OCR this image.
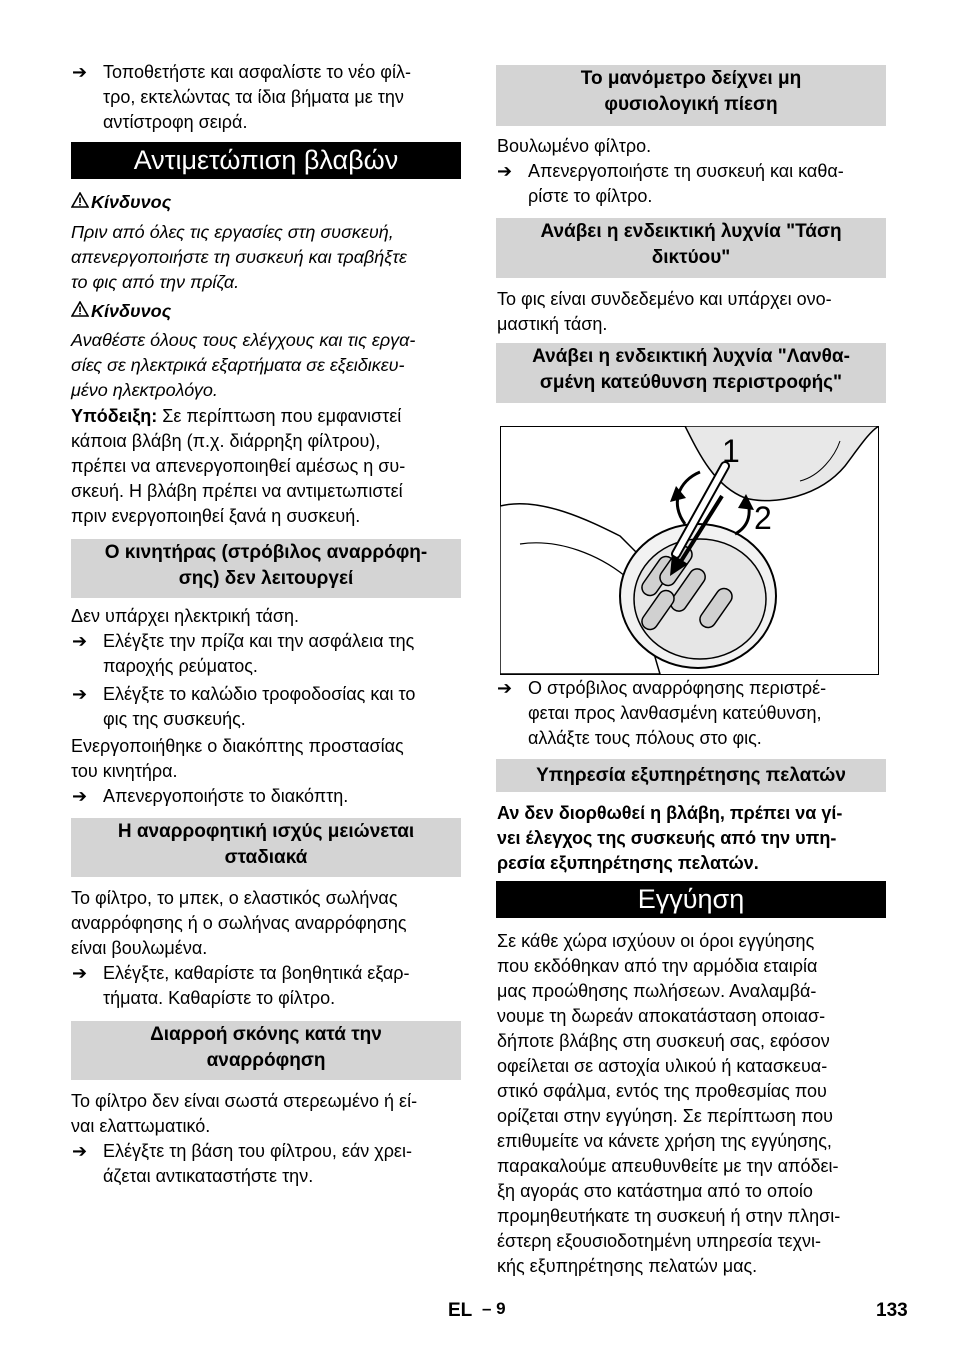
➔ Τοποθετήστε και ασφαλίστε το νέο φίλ-
τρο, εκτελώντας τα ίδια βήματα με την
αντίστροφη σειρά.
Αντιμετώπιση βλαβών
Κίνδυνος
Πριν από όλες τις εργασίες στη συσκευή,
απενεργοποιήστε τη συσκευή και τραβήξτε
το φις από την πρίζα.
Κίνδυνος
Αναθέστε όλους τους ελέγχους και τις εργα-
σίες σε ηλεκτρικά εξαρτήματα σε εξειδικευ-
μένο ηλεκτρολόγο.
Υπόδειξη: Σε περίπτωση που εμφανιστεί
κάποια βλάβη (π.χ. διάρρηξη φίλτρου),
πρέπει να απενεργοποιηθεί αμέσως η συ-
σκευή. Η βλάβη πρέπει να αντιμετωπιστεί
πριν ενεργοποιηθεί ξανά η συσκευή.
Ο κινητήρας (στρόβιλος αναρρόφη-
σης) δεν λειτουργεί
Δεν υπάρχει ηλεκτρική τάση.
➔ Ελέγξτε την πρίζα και την ασφάλεια της
παροχής ρεύματος.
➔ Ελέγξτε το καλώδιο τροφοδοσίας και το
φις της συσκευής.
Ενεργοποιήθηκε ο διακόπτης προστασίας
του κινητήρα.
➔ Απενεργοποιήστε το διακόπτη.
Η αναρροφητική ισχύς μειώνεται
σταδιακά
Το φίλτρο, το μπεκ, ο ελαστικός σωλήνας
αναρρόφησης ή ο σωλήνας αναρρόφησης
είναι βουλωμένα.
➔ Ελέγξτε, καθαρίστε τα βοηθητικά εξαρ-
τήματα. Καθαρίστε το φίλτρο.
Διαρροή σκόνης κατά την
αναρρόφηση
Το φίλτρο δεν είναι σωστά στερεωμένο ή εί-
ναι ελαττωματικό.
➔ Ελέγξτε τη βάση του φίλτρου, εάν χρει-
άζεται αντικαταστήστε την.
Το μανόμετρο δείχνει μη
φυσιολογική πίεση
Βουλωμένο φίλτρο.
➔ Απενεργοποιήστε τη συσκευή και καθα-
ρίστε το φίλτρο.
Ανάβει η ενδεικτική λυχνία "Τάση
δικτύου"
Το φις είναι συνδεδεμένο και υπάρχει ονο-
μαστική τάση.
Ανάβει η ενδεικτική λυχνία "Λανθα-
σμένη κατεύθυνση περιστροφής"
1
2
➔ Ο στρόβιλος αναρρόφησης περιστρέ-
φεται προς λανθασμένη κατεύθυνση,
αλλάξτε τους πόλους στο φις.
Υπηρεσία εξυπηρέτησης πελατών
Αν δεν διορθωθεί η βλάβη, πρέπει να γί-
νει έλεγχος της συσκευής από την υπη-
ρεσία εξυπηρέτησης πελατών.
Εγγύηση
Σε κάθε χώρα ισχύουν οι όροι εγγύησης
που εκδόθηκαν από την αρμόδια εταιρία
μας προώθησης πωλήσεων. Αναλαμβά-
νουμε τη δωρεάν αποκατάσταση οποιασ-
δήποτε βλάβης στη συσκευή σας, εφόσον
οφείλεται σε αστοχία υλικού ή κατασκευα-
στικό σφάλμα, εντός της προθεσμίας που
ορίζεται στην εγγύηση. Σε περίπτωση που
επιθυμείτε να κάνετε χρήση της εγγύησης,
παρακαλούμε απευθυνθείτε με την απόδει-
ξη αγοράς στο κατάστημα από το οποίο
προμηθευτήκατε τη συσκευή ή στην πλησι-
έστερη εξουσιοδοτημένη υπηρεσία τεχνι-
κής εξυπηρέτησης πελατών μας.
EL – 9	133
